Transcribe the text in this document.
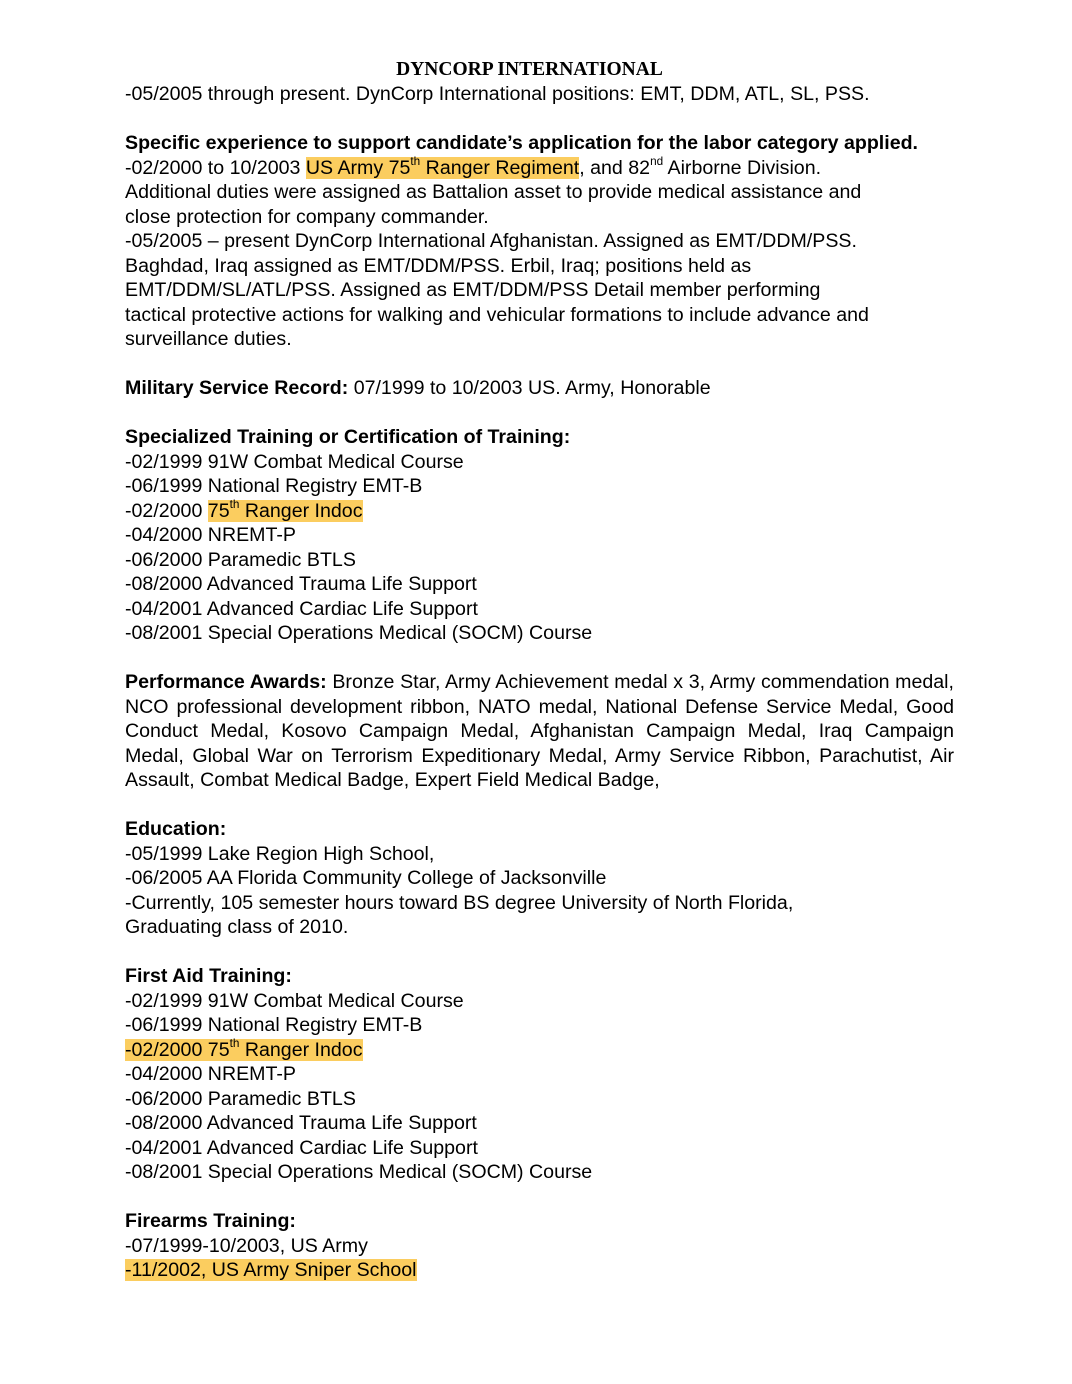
DYNCORP INTERNATIONAL
-05/2005 through present. DynCorp International positions: EMT, DDM, ATL, SL, PSS.
Specific experience to support candidate’s application for the labor category applied.
-02/2000 to 10/2003 US Army 75th Ranger Regiment, and 82nd Airborne Division.
Additional duties were assigned as Battalion asset to provide medical assistance and
close protection for company commander.
-05/2005 – present DynCorp International Afghanistan. Assigned as EMT/DDM/PSS.
Baghdad, Iraq assigned as EMT/DDM/PSS. Erbil, Iraq; positions held as
EMT/DDM/SL/ATL/PSS. Assigned as EMT/DDM/PSS Detail member performing
tactical protective actions for walking and vehicular formations to include advance and
surveillance duties.
Military Service Record: 07/1999 to 10/2003 US. Army, Honorable
Specialized Training or Certification of Training:
-02/1999 91W Combat Medical Course
-06/1999 National Registry EMT-B
-02/2000 75th Ranger Indoc
-04/2000 NREMT-P
-06/2000 Paramedic BTLS
-08/2000 Advanced Trauma Life Support
-04/2001 Advanced Cardiac Life Support
-08/2001 Special Operations Medical (SOCM) Course
Performance Awards: Bronze Star, Army Achievement medal x 3, Army commendation medal, NCO professional development ribbon, NATO medal, National Defense Service Medal, Good Conduct Medal, Kosovo Campaign Medal, Afghanistan Campaign Medal, Iraq Campaign Medal, Global War on Terrorism Expeditionary Medal, Army Service Ribbon, Parachutist, Air Assault, Combat Medical Badge, Expert Field Medical Badge,
Education:
-05/1999 Lake Region High School,
-06/2005 AA Florida Community College of Jacksonville
-Currently, 105 semester hours toward BS degree University of North Florida,
Graduating class of 2010.
First Aid Training:
-02/1999 91W Combat Medical Course
-06/1999 National Registry EMT-B
-02/2000 75th Ranger Indoc
-04/2000 NREMT-P
-06/2000 Paramedic BTLS
-08/2000 Advanced Trauma Life Support
-04/2001 Advanced Cardiac Life Support
-08/2001 Special Operations Medical (SOCM) Course
Firearms Training:
-07/1999-10/2003, US Army
-11/2002, US Army Sniper School
